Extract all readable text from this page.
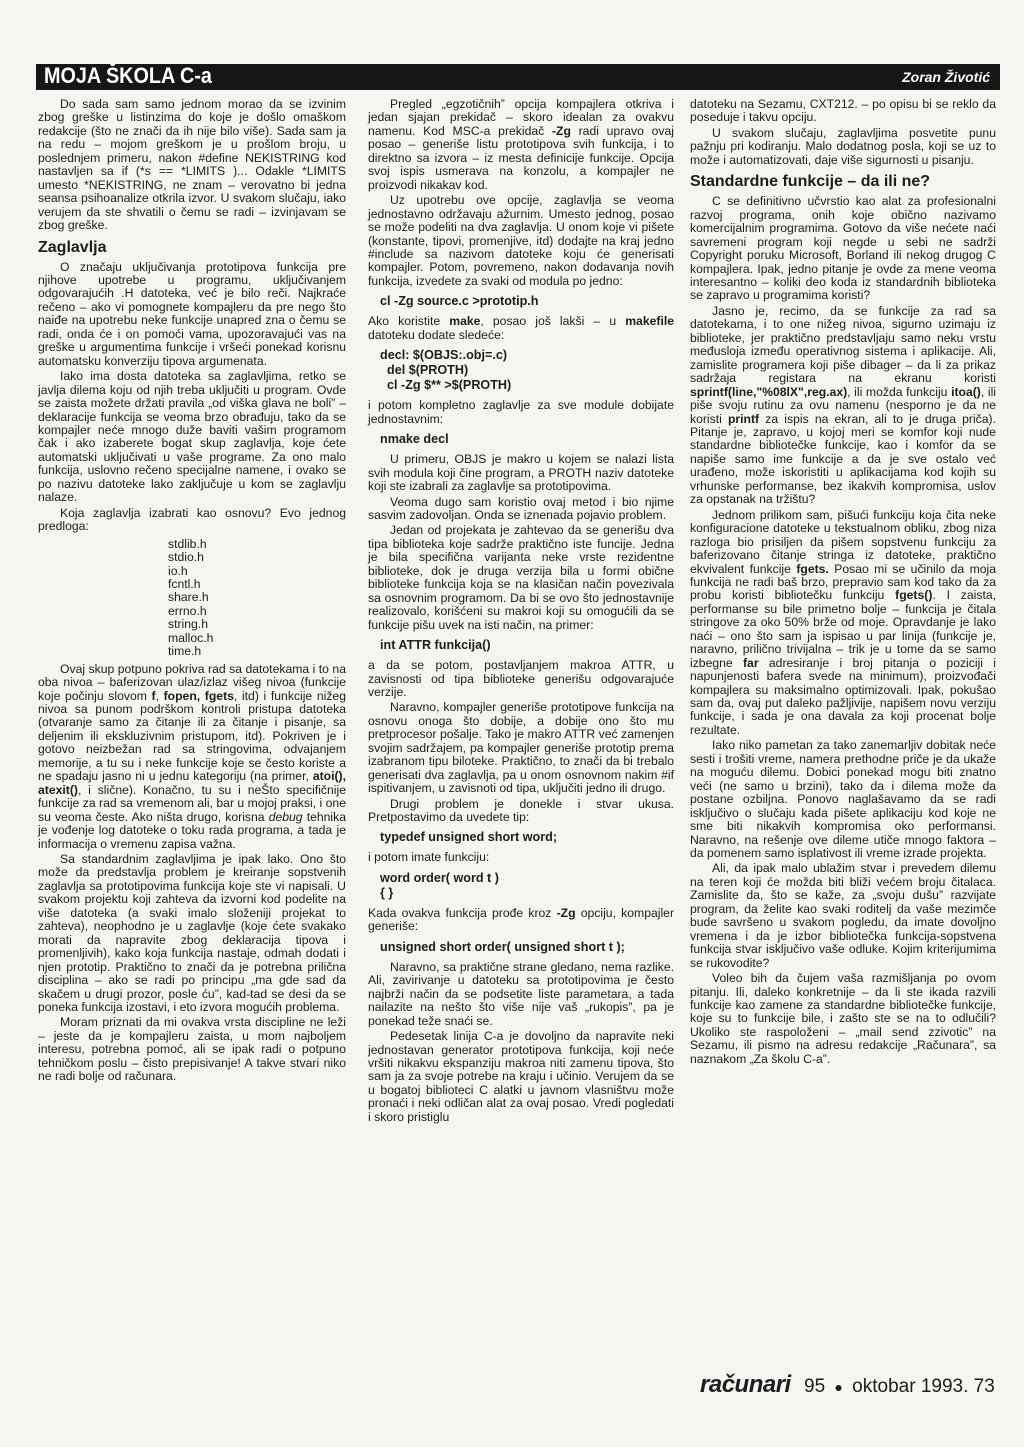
MOJA ŠKOLA C-a	Zoran Životić

Do sada sam samo jednom morao da se izvinim zbog greške u listinzima do koje je došlo omaškom redakcije (što ne znači da ih nije bilo više). Sada sam ja na redu – mojom greškom je u prošlom broju, u poslednjem primeru, nakon #define NEKISTRING kod nastavljen sa if (*s == *LIMITS )... Odakle *LIMITS umesto *NEKISTRING, ne znam – verovatno bi jedna seansa psihoanalize otkrila izvor. U svakom slučaju, iako verujem da ste shvatili o čemu se radi – izvinjavam se zbog greške.

Zaglavlja

O značaju uključivanja prototipova funkcija pre njihove upotrebe u programu, uključivanjem odgovarajućih .H datoteka, već je bilo reči. Najkraće rečeno – ako vi pomognete kompajleru da pre nego što naiđe na upotrebu neke funkcije unapred zna o čemu se radi, onda će i on pomoći vama, upozoravajući vas na greške u argumentima funkcije i vršeći ponekad korisnu automatsku konverziju tipova argumenata.

Iako ima dosta datoteka sa zaglavljima, retko se javlja dilema koju od njih treba uključiti u program. Ovde se zaista možete držati pravila „od viška glava ne boli” – deklaracije funkcija se veoma brzo obrađuju, tako da se kompajler neće mnogo duže baviti vašim programom čak i ako izaberete bogat skup zaglavlja, koje ćete automatski uključivati u vaše programe. Za ono malo funkcija, uslovno rečeno specijalne namene, i ovako se po nazivu datoteke lako zaključuje u kom se zaglavlju nalaze.

Koja zaglavlja izabrati kao osnovu? Evo jednog predloga:

stdlib.h
stdio.h
io.h
fcntl.h
share.h
errno.h
string.h
malloc.h
time.h

Ovaj skup potpuno pokriva rad sa datotekama i to na oba nivoa – baferizovan ulaz/izlaz višeg nivoa (funkcije koje počinju slovom f, fopen, fgets, itd) i funkcije nižeg nivoa sa punom podrškom kontroli pristupa datoteka (otvaranje samo za čitanje ili za čitanje i pisanje, sa deljenim ili ekskluzivnim pristupom, itd). Pokriven je i gotovo neizbežan rad sa stringovima, odvajanjem memorije, a tu su i neke funkcije koje se često koriste a ne spadaju jasno ni u jednu kategoriju (na primer, atoi(), atexit(), i slične). Konačno, tu su i neŠto specifičnije funkcije za rad sa vremenom ali, bar u mojoj praksi, i one su veoma česte. Ako ništa drugo, korisna debug tehnika je vođenje log datoteke o toku rada programa, a tada je informacija o vremenu zapisa važna.

Sa standardnim zaglavljima je ipak lako. Ono što može da predstavlja problem je kreiranje sopstvenih zaglavlja sa prototipovima funkcija koje ste vi napisali. U svakom projektu koji zahteva da izvorni kod podelite na više datoteka (a svaki imalo složeniji projekat to zahteva), neophodno je u zaglavlje (koje ćete svakako morati da napravite zbog deklaracija tipova i promenljivih), kako koja funkcija nastaje, odmah dodati i njen prototip. Praktično to znači da je potrebna prilična disciplina – ako se radi po principu „ma gde sad da skačem u drugi prozor, posle ću”, kad-tad se desi da se poneka funkcija izostavi, i eto izvora mogućih problema.

Moram priznati da mi ovakva vrsta discipline ne leži – jeste da je kompajleru zaista, u mom najboljem interesu, potrebna pomoć, ali se ipak radi o potpuno tehničkom poslu – čisto prepisivanje! A takve stvari niko ne radi bolje od računara.

Pregled „egzotičnih” opcija kompajlera otkriva i jedan sjajan prekidač – skoro idealan za ovakvu namenu. Kod MSC-a prekidač -Zg radi upravo ovaj posao – generiše listu prototipova svih funkcija, i to direktno sa izvora – iz mesta definicije funkcije. Opcija svoj ispis usmerava na konzolu, a kompajler ne proizvodi nikakav kod.

Uz upotrebu ove opcije, zaglavlja se veoma jednostavno održavaju ažurnim. Umesto jednog, posao se može podeliti na dva zaglavlja. U onom koje vi pišete (konstante, tipovi, promenjive, itd) dodajte na kraj jedno #include sa nazivom datoteke koju će generisati kompajler. Potom, povremeno, nakon dodavanja novih funkcija, izvedete za svaki od modula po jedno:

cl -Zg source.c >prototip.h

Ako koristite make, posao još lakši – u makefile datoteku dodate sledeće:

decl: $(OBJS:.obj=.c)
del $(PROTH)
cl -Zg $** >$(PROTH)

i potom kompletno zaglavlje za sve module dobijate jednostavnim:

nmake decl

U primeru, OBJS je makro u kojem se nalazi lista svih modula koji čine program, a PROTH naziv datoteke koji ste izabrali za zaglavlje sa prototipovima.

Veoma dugo sam koristio ovaj metod i bio njime sasvim zadovoljan. Onda se iznenada pojavio problem.

Jedan od projekata je zahtevao da se generišu dva tipa biblioteka koje sadrže praktično iste funcije. Jedna je bila specifična varijanta neke vrste rezidentne biblioteke, dok je druga verzija bila u formi obične biblioteke funkcija koja se na klasičan način povezivala sa osnovnim programom. Da bi se ovo što jednostavnije realizovalo, korišćeni su makroi koji su omogućili da se funkcije pišu uvek na isti način, na primer:

int ATTR funkcija()

a da se potom, postavljanjem makroa ATTR, u zavisnosti od tipa biblioteke generišu odgovarajuće verzije.

Naravno, kompajler generiše prototipove funkcija na osnovu onoga što dobije, a dobije ono što mu pretprocesor pošalje. Tako je makro ATTR već zamenjen svojim sadržajem, pa kompajler generiše prototip prema izabranom tipu biloteke. Praktično, to znači da bi trebalo generisati dva zaglavlja, pa u onom osnovnom nakim #if ispitivanjem, u zavisnoti od tipa, uključiti jedno ili drugo.

Drugi problem je donekle i stvar ukusa. Pretpostavimo da uvedete tip:

typedef unsigned short word;

i potom imate funkciju:

word order( word t )
{ }

Kada ovakva funkcija prođe kroz -Zg opciju, kompajler generiše:

unsigned short order( unsigned short t );

Naravno, sa praktične strane gledano, nema razlike. Ali, zavirivanje u datoteku sa prototipovima je često najbrži način da se podsetite liste parametara, a tada nailazite na nešto što više nije vaš „rukopis”, pa je ponekad teže snaći se.

Pedesetak linija C-a je dovoljno da napravite neki jednostavan generator prototipova funkcija, koji neće vršiti nikakvu ekspanziju makroa niti zamenu tipova, što sam ja za svoje potrebe na kraju i učinio. Verujem da se u bogatoj biblioteci C alatki u javnom vlasništvu može pronaći i neki odličan alat za ovaj posao. Vredi pogledati i skoro pristiglu

datoteku na Sezamu, CXT212. – po opisu bi se reklo da poseduje i takvu opciju.

U svakom slučaju, zaglavljima posvetite punu pažnju pri kodiranju. Malo dodatnog posla, koji se uz to može i automatizovati, daje više sigurnosti u pisanju.

Standardne funkcije – da ili ne?

C se definitivno učvrstio kao alat za profesionalni razvoj programa, onih koje obično nazivamo komercijalnim programima. Gotovo da više nećete naći savremeni program koji negde u sebi ne sadrži Copyright poruku Microsoft, Borland ili nekog drugog C kompajlera. Ipak, jedno pitanje je ovde za mene veoma interesantno – koliki deo koda iz standardnih biblioteka se zapravo u programima koristi?

Jasno je, recimo, da se funkcije za rad sa datotekama, i to one nižeg nivoa, sigurno uzimaju iz biblioteke, jer praktično predstavljaju samo neku vrstu međusloja između operativnog sistema i aplikacije. Ali, zamislite programera koji piše dibager – da li za prikaz sadržaja registara na ekranu koristi sprintf(line,"%08lX",reg.ax), ili možda funkciju itoa(), ili piše svoju rutinu za ovu namenu (nesporno je da ne koristi printf za ispis na ekran, ali to je druga priča). Pitanje je, zapravo, u kojoj meri se komfor koji nude standardne bibliotečke funkcije, kao i komfor da se napiše samo ime funkcije a da je sve ostalo već urađeno, može iskoristiti u aplikacijama kod kojih su vrhunske performanse, bez ikakvih kompromisa, uslov za opstanak na tržištu?

Jednom prilikom sam, pišući funkciju koja čita neke konfiguracione datoteke u tekstualnom obliku, zbog niza razloga bio prisiljen da pišem sopstvenu funkciju za baferizovano čitanje stringa iz datoteke, praktično ekvivalent funkcije fgets. Posao mi se učinilo da moja funkcija ne radi baš brzo, prepravio sam kod tako da za probu koristi bibliotečku funkciju fgets(). I zaista, performanse su bile primetno bolje – funkcija je čitala stringove za oko 50% brže od moje. Opravdanje je lako naći – ono što sam ja ispisao u par linija (funkcije je, naravno, prilično trivijalna – trik je u tome da se samo izbegne far adresiranje i broj pitanja o poziciji i napunjenosti bafera svede na minimum), proizvođači kompajlera su maksimalno optimizovali. Ipak, pokušao sam da, ovaj put daleko pažljivije, napišem novu verziju funkcije, i sada je ona davala za koji procenat bolje rezultate.

Iako niko pametan za tako zanemarljiv dobitak neće sesti i trošiti vreme, namera prethodne priče je da ukaže na moguću dilemu. Dobici ponekad mogu biti znatno veći (ne samo u brzini), tako da i dilema može da postane ozbiljna. Ponovo naglašavamo da se radi isključivo o slučaju kada pišete aplikaciju kod koje ne sme biti nikakvih kompromisa oko performansi. Naravno, na rešenje ove dileme utiče mnogo faktora – da pomenem samo isplativost ili vreme izrade projekta.

Ali, da ipak malo ublažim stvar i prevedem dilemu na teren koji će možda biti bliži većem broju čitalaca. Zamislite da, što se kaže, za „svoju dušu” razvijate program, da želite kao svaki roditelj da vaše mezimče bude savršeno u svakom pogledu, da imate dovoljno vremena i da je izbor bibliotečka funkcija-sopstvena funkcija stvar isključivo vaše odluke. Kojim kriterijumima se rukovodite?

Voleo bih da čujem vaša razmišljanja po ovom pitanju. Ili, daleko konkretnije – da li ste ikada razvili funkcije kao zamene za standardne bibliotečke funkcije, koje su to funkcije bile, i zašto ste se na to odlučili? Ukoliko ste raspoloženi – „mail send zzivotic” na Sezamu, ili pismo na adresu redakcije „Računara”, sa naznakom „Za školu C-a”.

računari 95 ● oktobar 1993. 73
